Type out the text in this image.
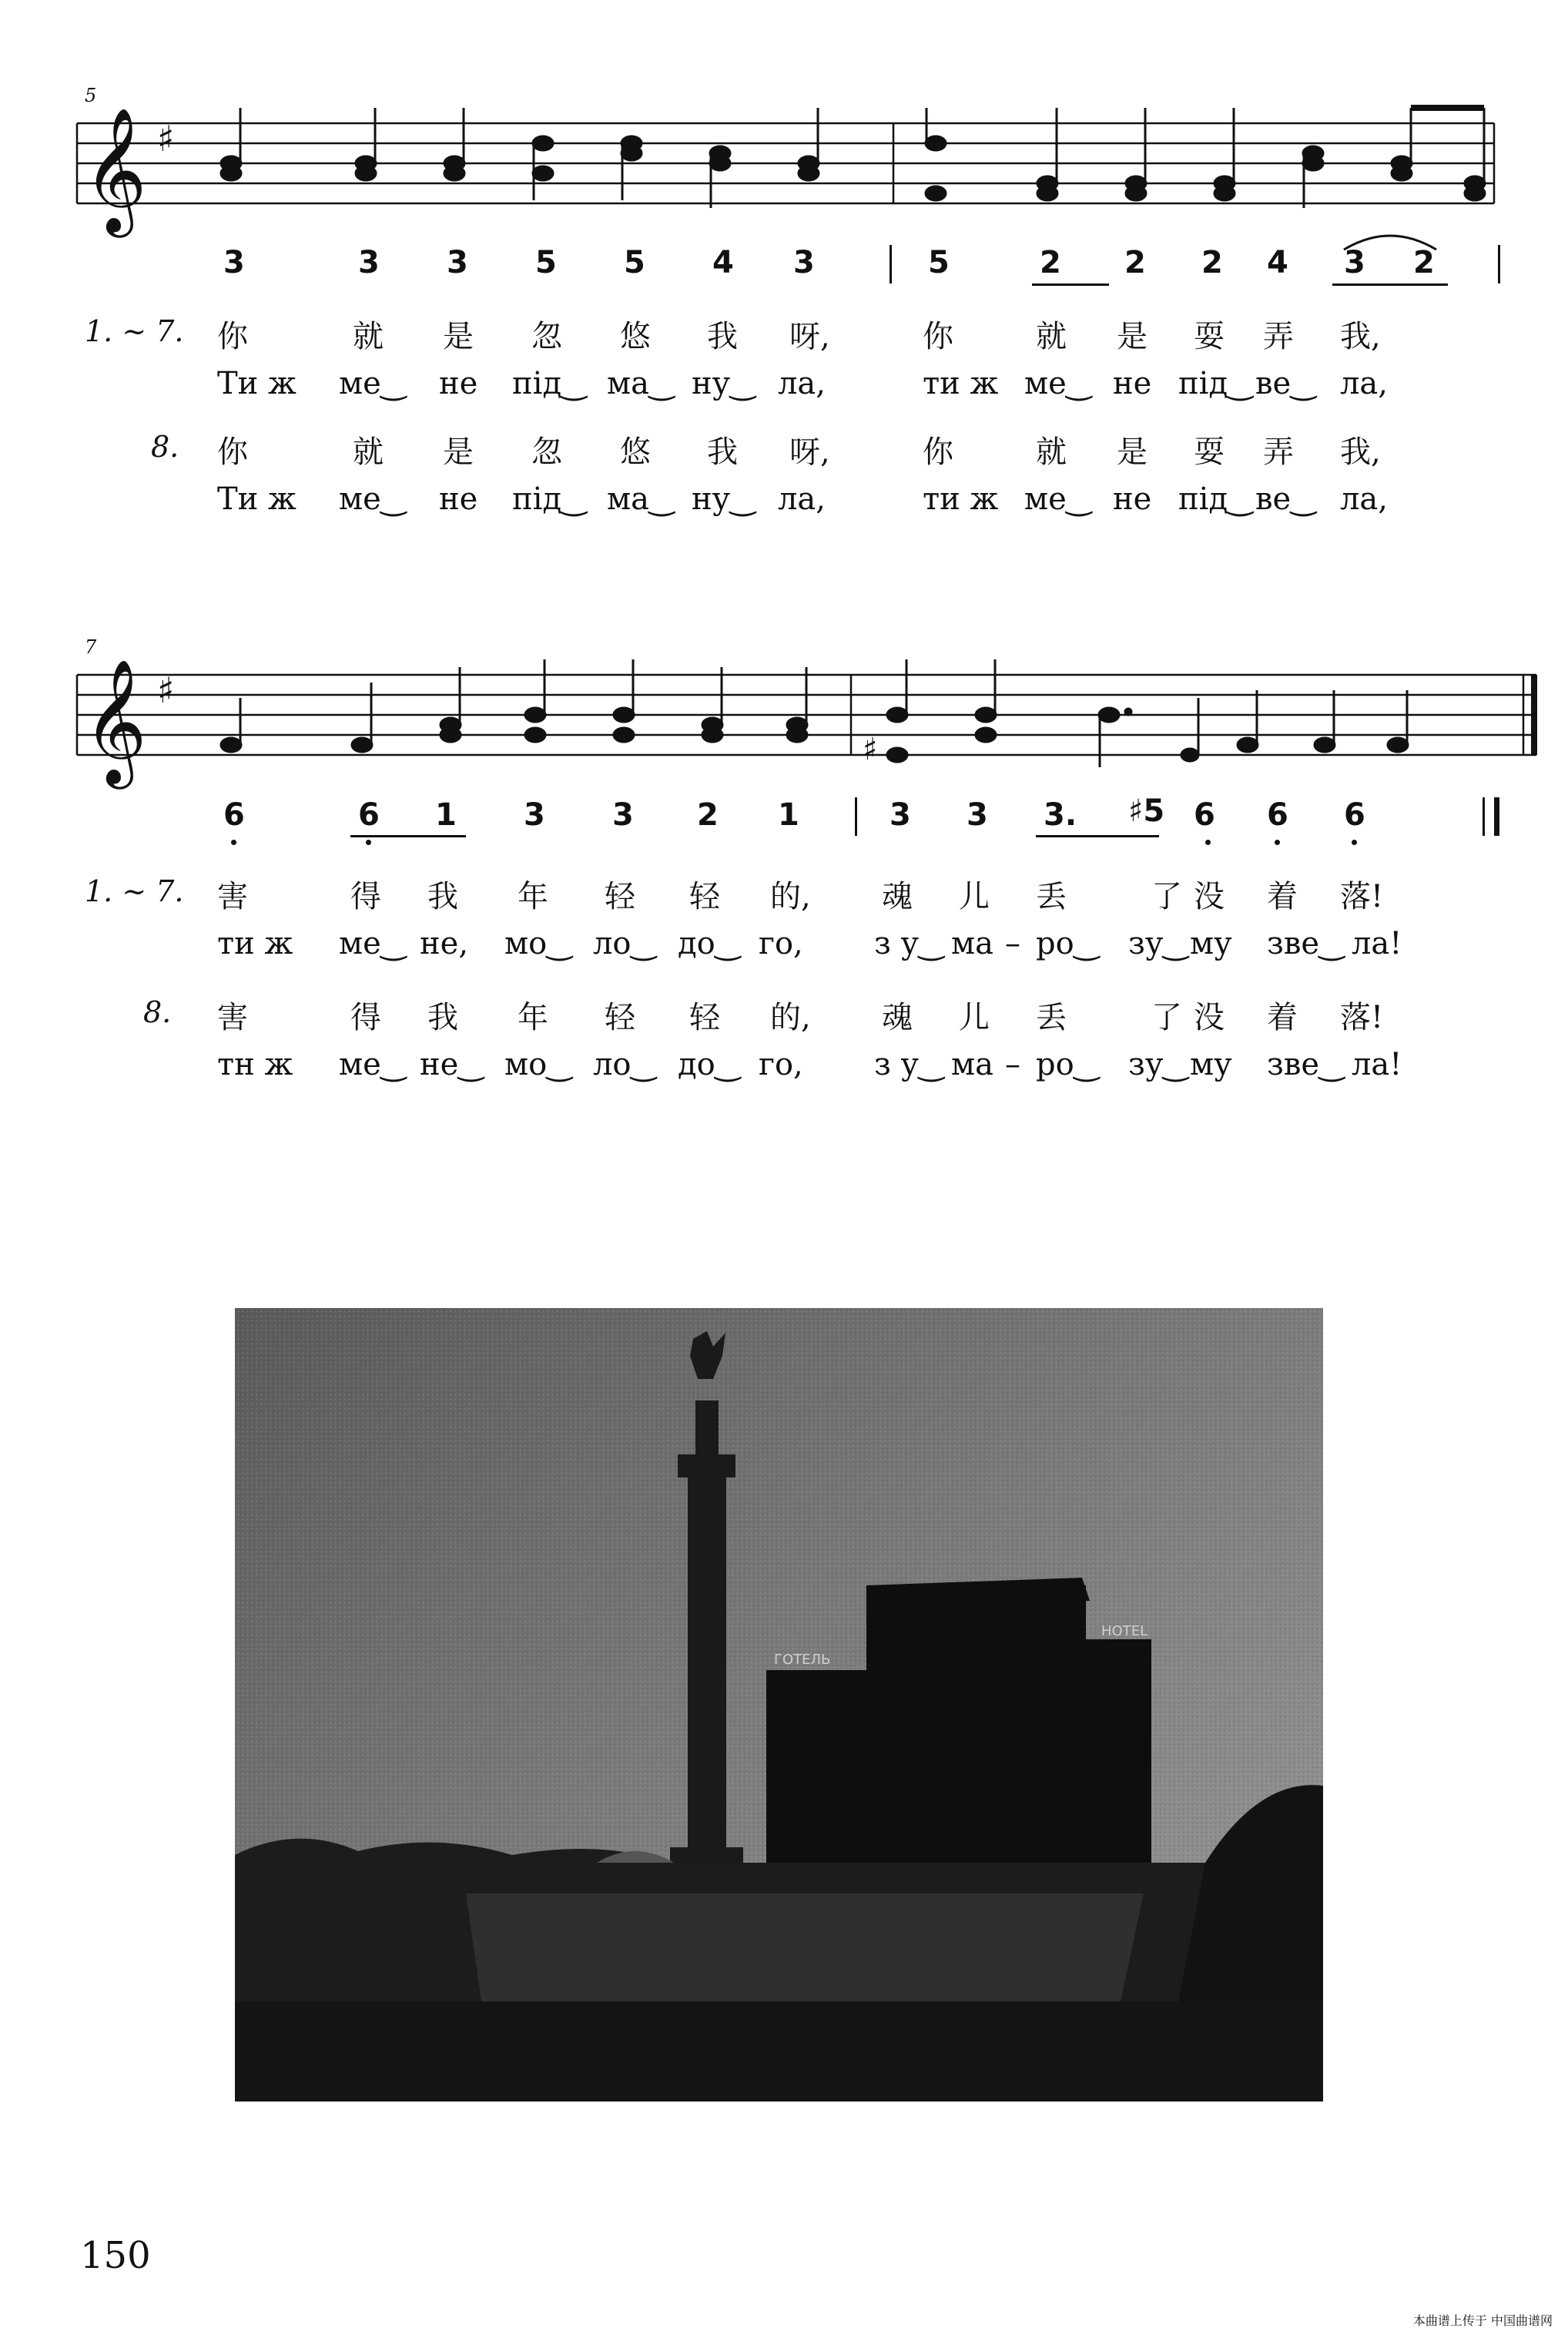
5
𝄞 ♯
3	3 3 5 5 4 3	5	2 2 2 4 3 2
1. ~ 7. 你	就 是 忽 悠 我 呀,	你	就 是 耍 弄 我,
Ти ж ме‿ не під‿ ма‿ ну‿ ла,	ти ж ме‿ не під‿ ве‿ ла,
8. 你	就 是 忽 悠 我 呀,	你	就 是 耍 弄 我,
Ти ж ме‿ не під‿ ма‿ ну‿ ла,	ти ж ме‿ не під‿ ве‿ ла,
7
𝄞 ♯
♯
6	6 1 3 3 2 1	3 3 3. ♯5 6 6 6
1. ~ 7. 害	得 我 年 轻 轻 的, 魂 儿 丢	了 没 着 落!
ти ж ме‿ не, мо‿ ло‿ до‿ го, з у‿ ма – ро‿ зу‿ му зве‿ ла!
8. 害	得 我 年 轻 轻 的, 魂 儿 丢	了 没 着 落!
тн ж ме‿ не‿ мо‿ ло‿ до‿ го, з у‿ ма – ро‿ зу‿ му зве‿ ла!
ГОТЕЛЬ
HOTEL
150
本曲谱上传于 中国曲谱网
